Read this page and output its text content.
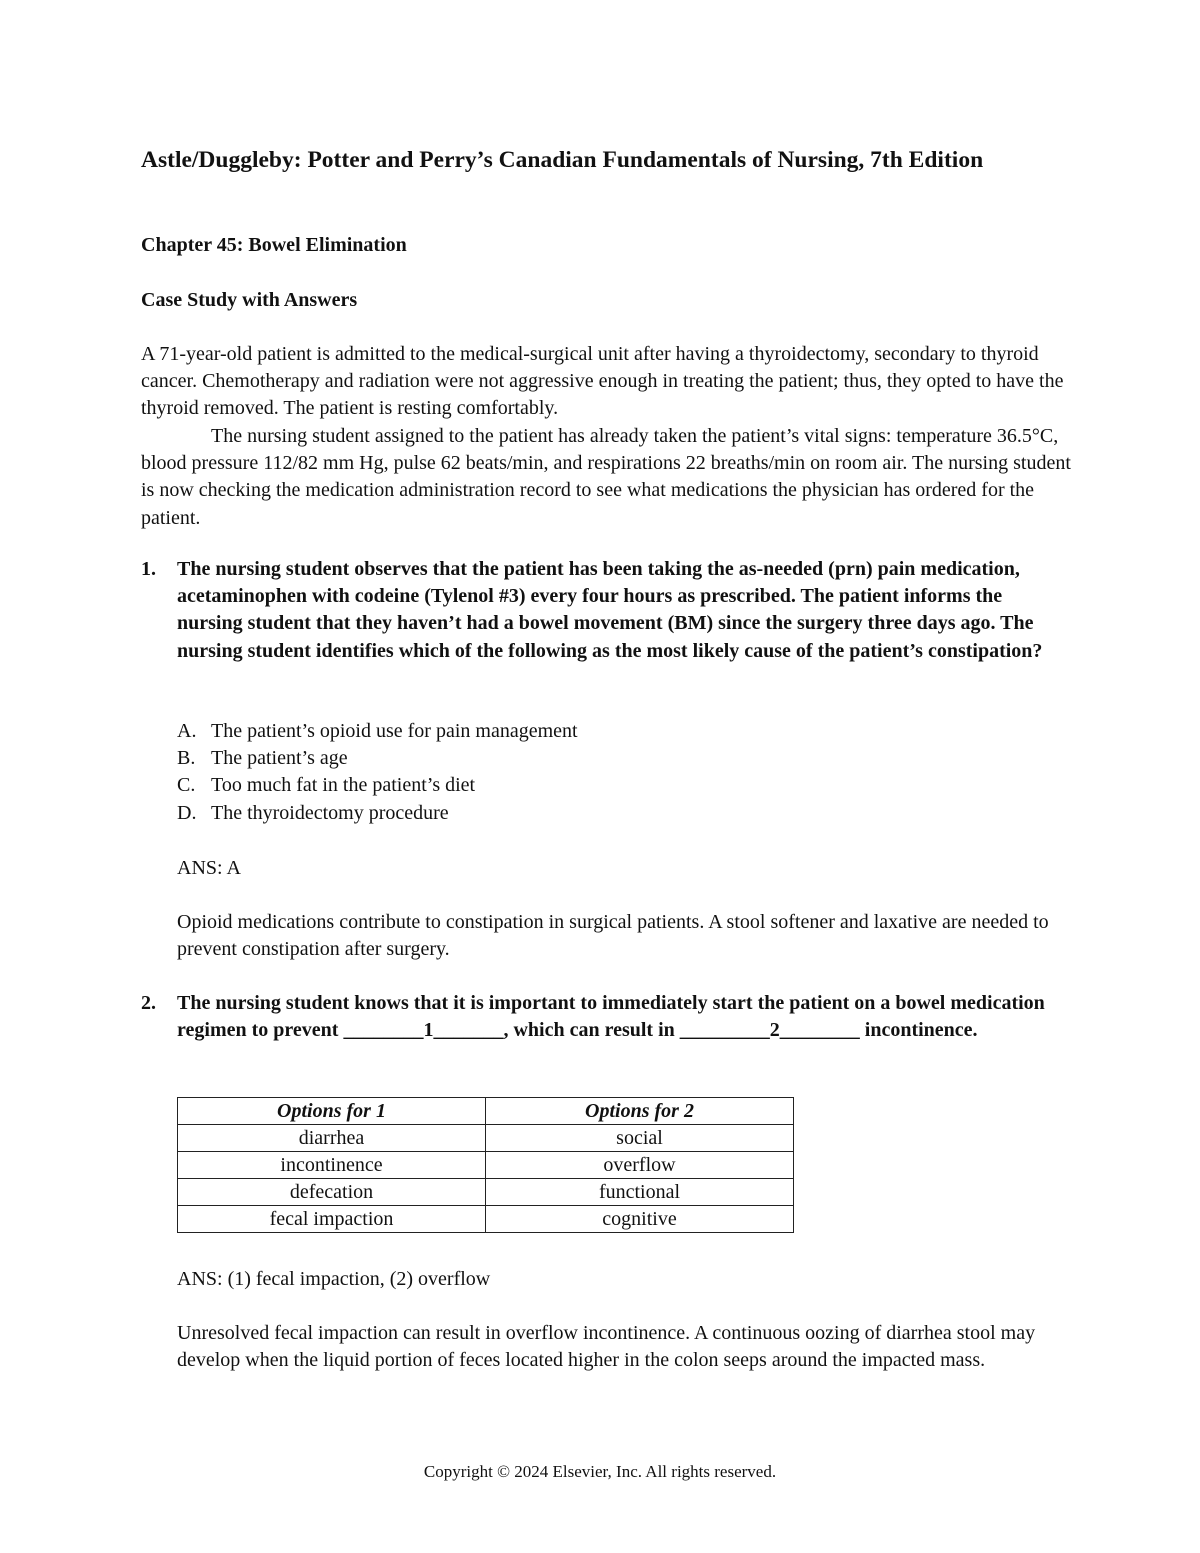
Astle/Duggleby: Potter and Perry’s Canadian Fundamentals of Nursing, 7th Edition
Chapter 45: Bowel Elimination
Case Study with Answers

A 71-year-old patient is admitted to the medical-surgical unit after having a thyroidectomy, secondary to thyroid cancer. Chemotherapy and radiation were not aggressive enough in treating the patient; thus, they opted to have the thyroid removed. The patient is resting comfortably.

The nursing student assigned to the patient has already taken the patient’s vital signs: temperature 36.5°C, blood pressure 112/82 mm Hg, pulse 62 beats/min, and respirations 22 breaths/min on room air. The nursing student is now checking the medication administration record to see what medications the physician has ordered for the patient.

1. The nursing student observes that the patient has been taking the as-needed (prn) pain medication, acetaminophen with codeine (Tylenol #3) every four hours as prescribed. The patient informs the nursing student that they haven’t had a bowel movement (BM) since the surgery three days ago. The nursing student identifies which of the following as the most likely cause of the patient’s constipation?
A. The patient’s opioid use for pain management
B. The patient’s age
C. Too much fat in the patient’s diet
D. The thyroidectomy procedure

ANS: A

Opioid medications contribute to constipation in surgical patients. A stool softener and laxative are needed to prevent constipation after surgery.

2. The nursing student knows that it is important to immediately start the patient on a bowel medication regimen to prevent ________1_______, which can result in _________2________ incontinence.
Options for 1	Options for 2
diarrhea	social
incontinence	overflow
defecation	functional
fecal impaction	cognitive

ANS: (1) fecal impaction, (2) overflow

Unresolved fecal impaction can result in overflow incontinence. A continuous oozing of diarrhea stool may develop when the liquid portion of feces located higher in the colon seeps around the impacted mass.

Copyright © 2024 Elsevier, Inc. All rights reserved.
